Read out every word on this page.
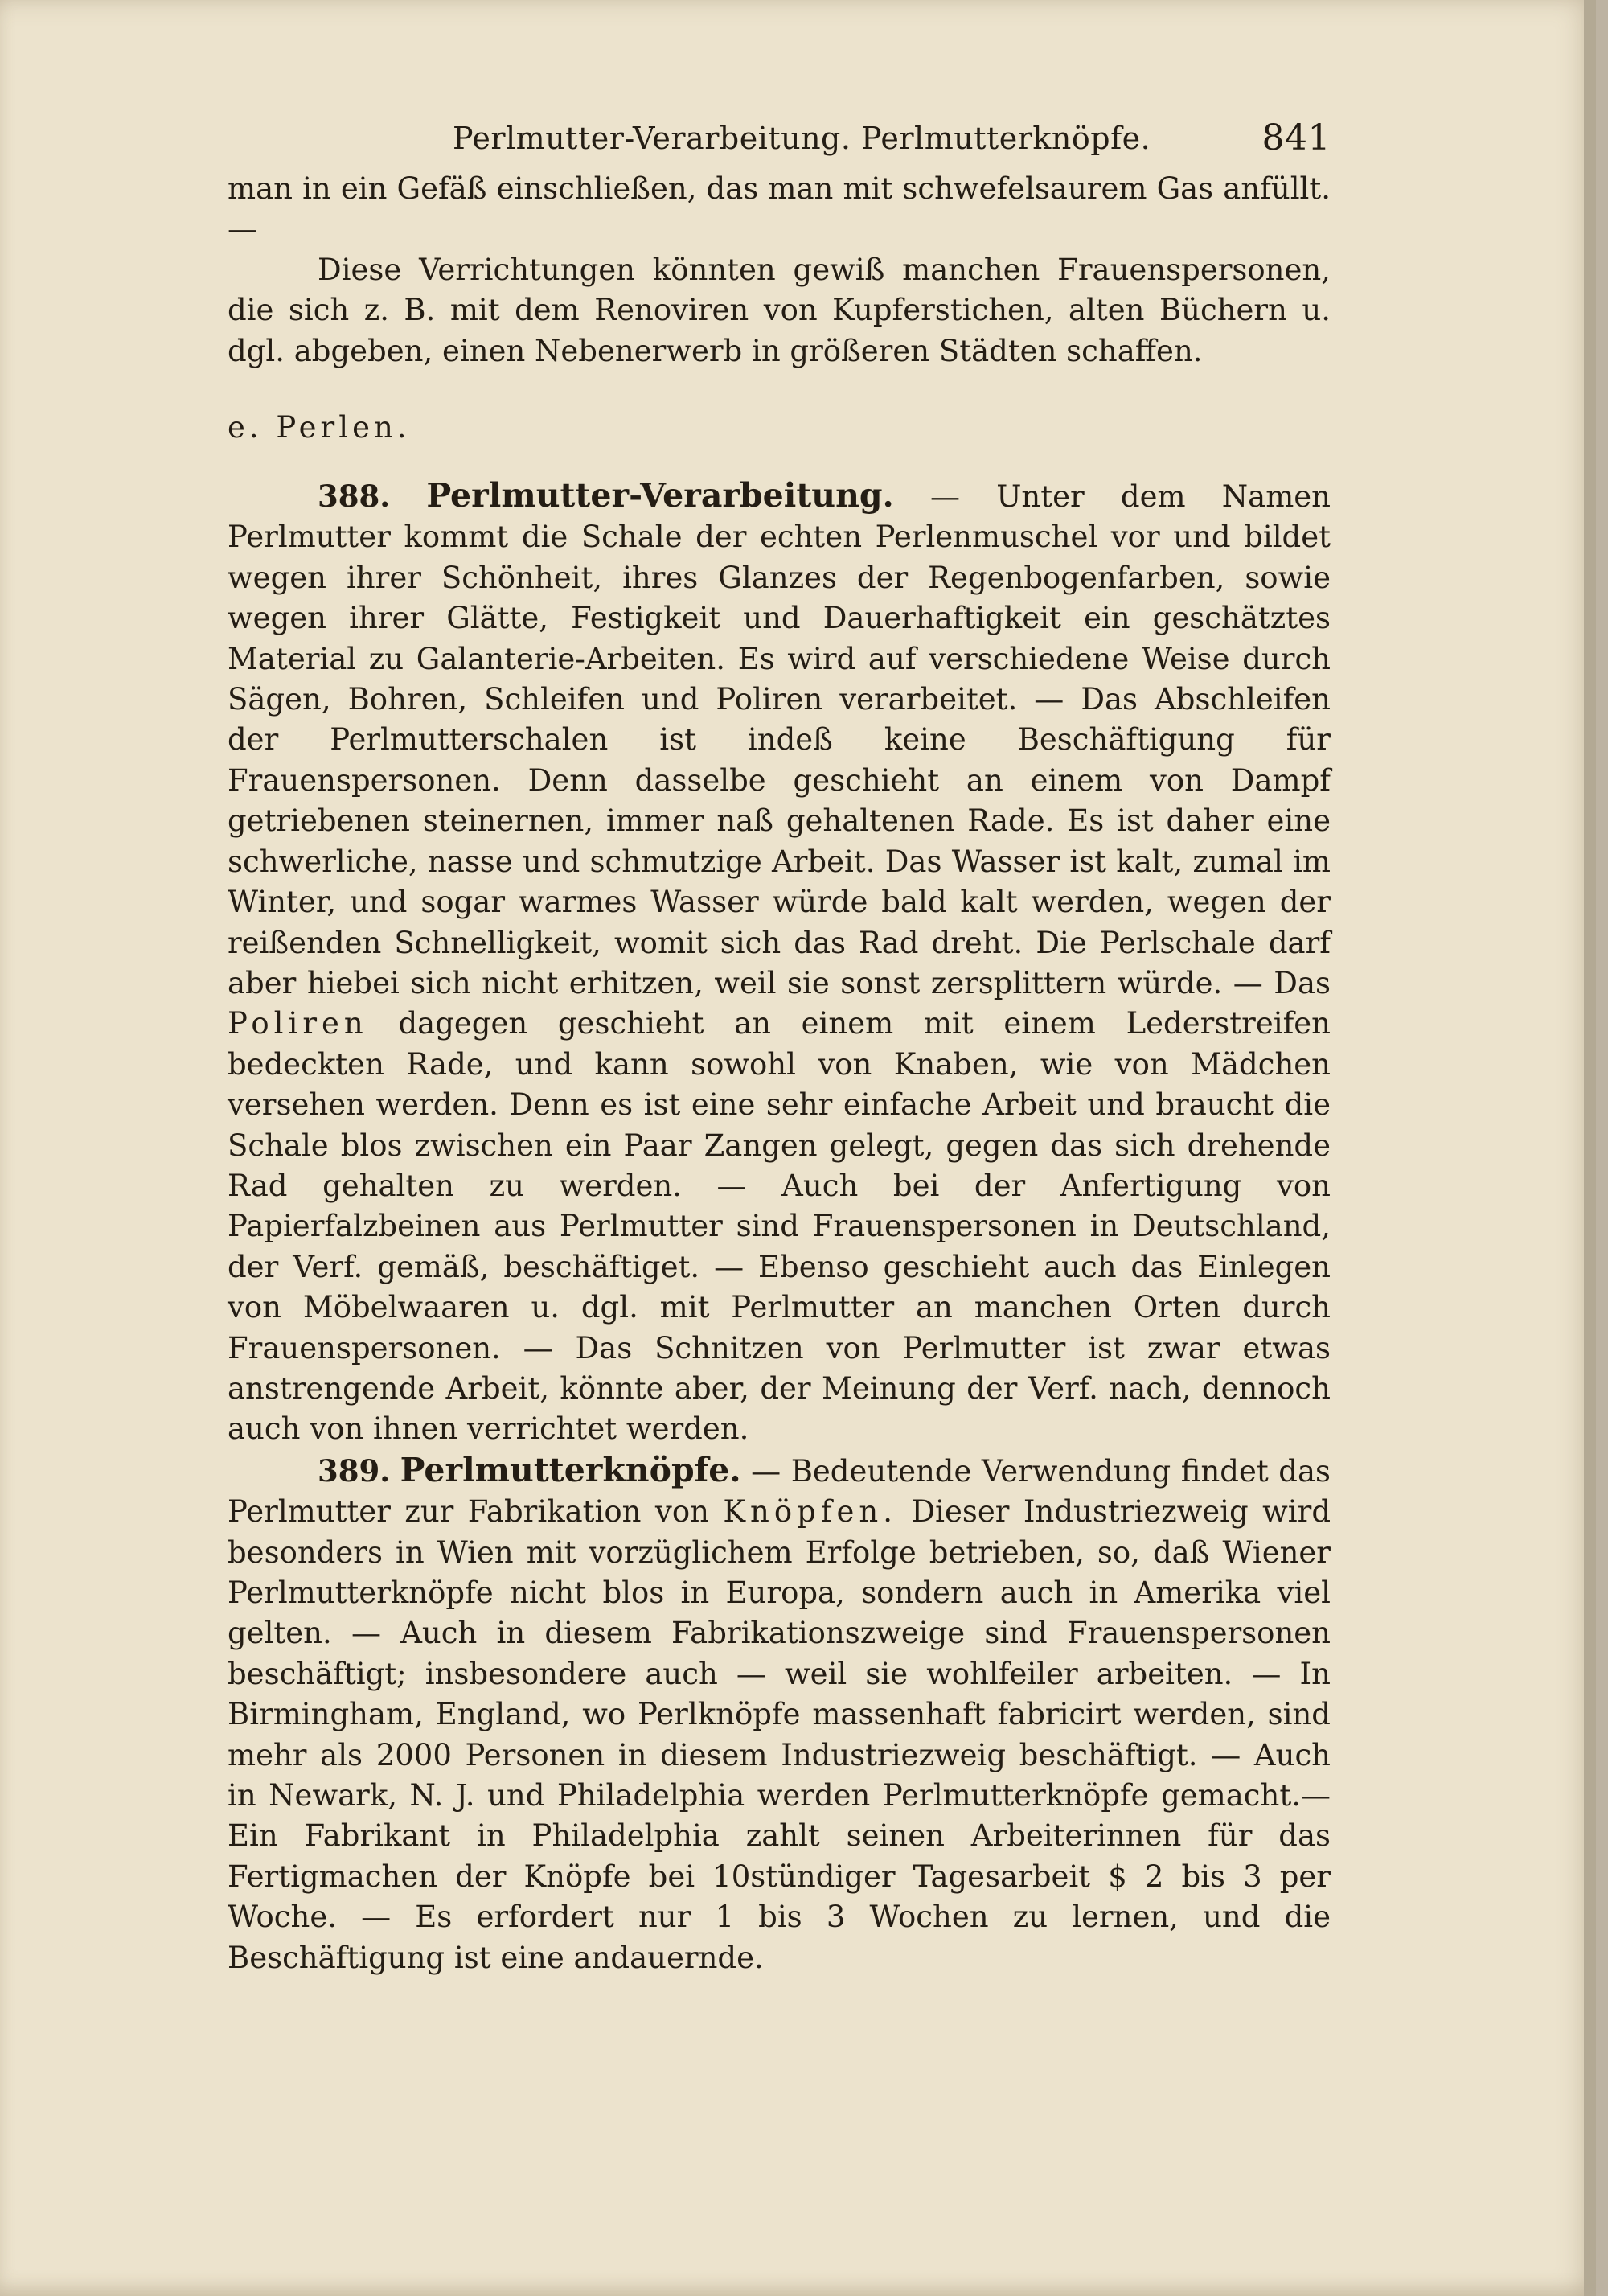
Perlmutter-Verarbeitung. Perlmutterknöpfe.	841

man in ein Gefäß einschließen, das man mit schwefelsaurem Gas anfüllt. —

Diese Verrichtungen könnten gewiß manchen Frauenspersonen, die sich z. B. mit dem Renoviren von Kupferstichen, alten Büchern u. dgl. abgeben, einen Nebenerwerb in größeren Städten schaffen.

e. Perlen.

388. Perlmutter-Verarbeitung. — Unter dem Namen Perlmutter kommt die Schale der echten Perlenmuschel vor und bildet wegen ihrer Schönheit, ihres Glanzes der Regenbogenfarben, sowie wegen ihrer Glätte, Festigkeit und Dauerhaftigkeit ein geschätztes Material zu Galanterie-Arbeiten. Es wird auf verschiedene Weise durch Sägen, Bohren, Schleifen und Poliren verarbeitet. — Das Abschleifen der Perlmutterschalen ist indeß keine Beschäftigung für Frauenspersonen. Denn dasselbe geschieht an einem von Dampf getriebenen steinernen, immer naß gehaltenen Rade. Es ist daher eine schwerliche, nasse und schmutzige Arbeit. Das Wasser ist kalt, zumal im Winter, und sogar warmes Wasser würde bald kalt werden, wegen der reißenden Schnelligkeit, womit sich das Rad dreht. Die Perlschale darf aber hiebei sich nicht erhitzen, weil sie sonst zersplittern würde. — Das Poliren dagegen geschieht an einem mit einem Lederstreifen bedeckten Rade, und kann sowohl von Knaben, wie von Mädchen versehen werden. Denn es ist eine sehr einfache Arbeit und braucht die Schale blos zwischen ein Paar Zangen gelegt, gegen das sich drehende Rad gehalten zu werden. — Auch bei der Anfertigung von Papierfalzbeinen aus Perlmutter sind Frauenspersonen in Deutschland, der Verf. gemäß, beschäftiget. — Ebenso geschieht auch das Einlegen von Möbelwaaren u. dgl. mit Perlmutter an manchen Orten durch Frauenspersonen. — Das Schnitzen von Perlmutter ist zwar etwas anstrengende Arbeit, könnte aber, der Meinung der Verf. nach, dennoch auch von ihnen verrichtet werden.

389. Perlmutterknöpfe. — Bedeutende Verwendung findet das Perlmutter zur Fabrikation von Knöpfen. Dieser Industriezweig wird besonders in Wien mit vorzüglichem Erfolge betrieben, so, daß Wiener Perlmutterknöpfe nicht blos in Europa, sondern auch in Amerika viel gelten. — Auch in diesem Fabrikationszweige sind Frauenspersonen beschäftigt; insbesondere auch — weil sie wohlfeiler arbeiten. — In Birmingham, England, wo Perlknöpfe massenhaft fabricirt werden, sind mehr als 2000 Personen in diesem Industriezweig beschäftigt. — Auch in Newark, N. J. und Philadelphia werden Perlmutterknöpfe gemacht.— Ein Fabrikant in Philadelphia zahlt seinen Arbeiterinnen für das Fertigmachen der Knöpfe bei 10stündiger Tagesarbeit $ 2 bis 3 per Woche. — Es erfordert nur 1 bis 3 Wochen zu lernen, und die Beschäftigung ist eine andauernde.
